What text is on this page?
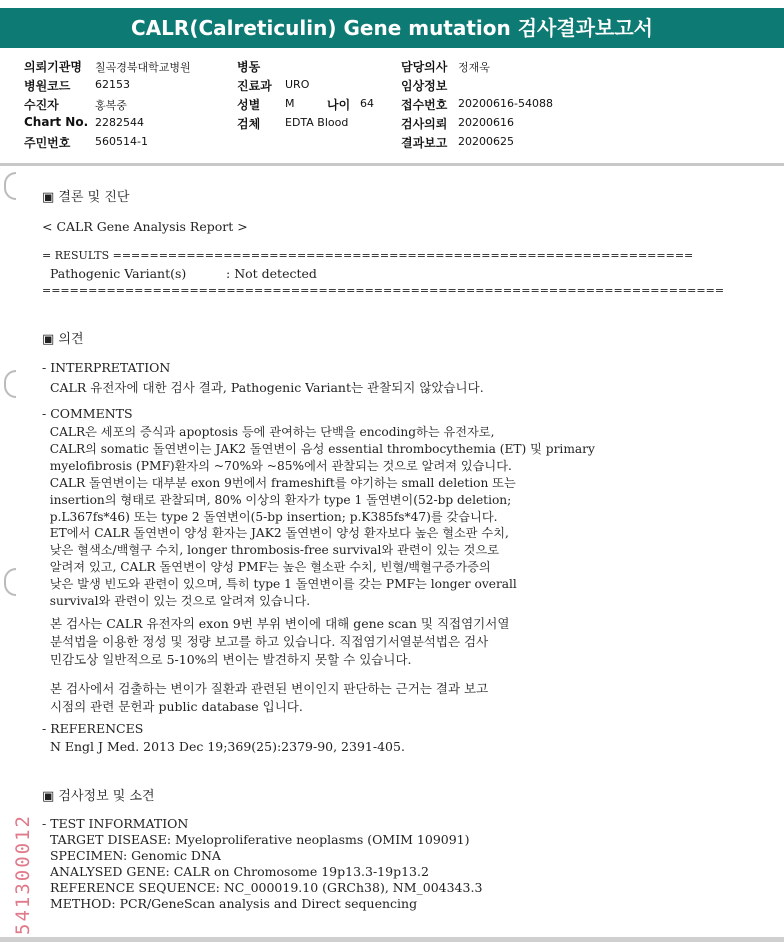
CALR(Calreticulin) Gene mutation 검사결과보고서
의뢰기관명 칠곡경북대학교병원
병원코드 62153
수진자	홍복중
Chart No. 2282544
주민번호 560514-1
병동
진료과 URO
성별 M	나이 64
검체 EDTA Blood
담당의사 정재욱
임상정보
접수번호 20200616-54088
검사의뢰 20200616
결과보고 20200625
▣ 결론 및 진단
< CALR Gene Analysis Report >
= RESULTS ===============================================================
Pathogenic Variant(s)          : Not detected
==========================================================================
▣ 의견
- INTERPRETATION
CALR 유전자에 대한 검사 결과, Pathogenic Variant는 관찰되지 않았습니다.
- COMMENTS
CALR은 세포의 증식과 apoptosis 등에 관여하는 단백을 encoding하는 유전자로,
CALR의 somatic 돌연변이는 JAK2 돌연변이 음성 essential thrombocythemia (ET) 및 primary
myelofibrosis (PMF)환자의 ~70%와 ~85%에서 관찰되는 것으로 알려져 있습니다.
CALR 돌연변이는 대부분 exon 9번에서 frameshift를 야기하는 small deletion 또는
insertion의 형태로 관찰되며, 80% 이상의 환자가 type 1 돌연변이(52-bp deletion;
p.L367fs*46) 또는 type 2 돌연변이(5-bp insertion; p.K385fs*47)를 갖습니다.
ET에서 CALR 돌연변이 양성 환자는 JAK2 돌연변이 양성 환자보다 높은 혈소판 수치,
낮은 혈색소/백혈구 수치, longer thrombosis-free survival와 관련이 있는 것으로
알려져 있고, CALR 돌연변이 양성 PMF는 높은 혈소판 수치, 빈혈/백혈구증가증의
낮은 발생 빈도와 관련이 있으며, 특히 type 1 돌연변이를 갖는 PMF는 longer overall
survival와 관련이 있는 것으로 알려져 있습니다.
본 검사는 CALR 유전자의 exon 9번 부위 변이에 대해 gene scan 및 직접염기서열
분석법을 이용한 정성 및 정량 보고를 하고 있습니다. 직접염기서열분석법은 검사
민감도상 일반적으로 5-10%의 변이는 발견하지 못할 수 있습니다.
본 검사에서 검출하는 변이가 질환과 관련된 변이인지 판단하는 근거는 결과 보고
시점의 관련 문헌과 public database 입니다.
- REFERENCES
N Engl J Med. 2013 Dec 19;369(25):2379-90, 2391-405.
▣ 검사정보 및 소견
- TEST INFORMATION
TARGET DISEASE: Myeloproliferative neoplasms (OMIM 109091)
SPECIMEN: Genomic DNA
ANALYSED GENE: CALR on Chromosome 19p13.3-19p13.2
REFERENCE SEQUENCE: NC_000019.10 (GRCh38), NM_004343.3
METHOD: PCR/GeneScan analysis and Direct sequencing
541300012
